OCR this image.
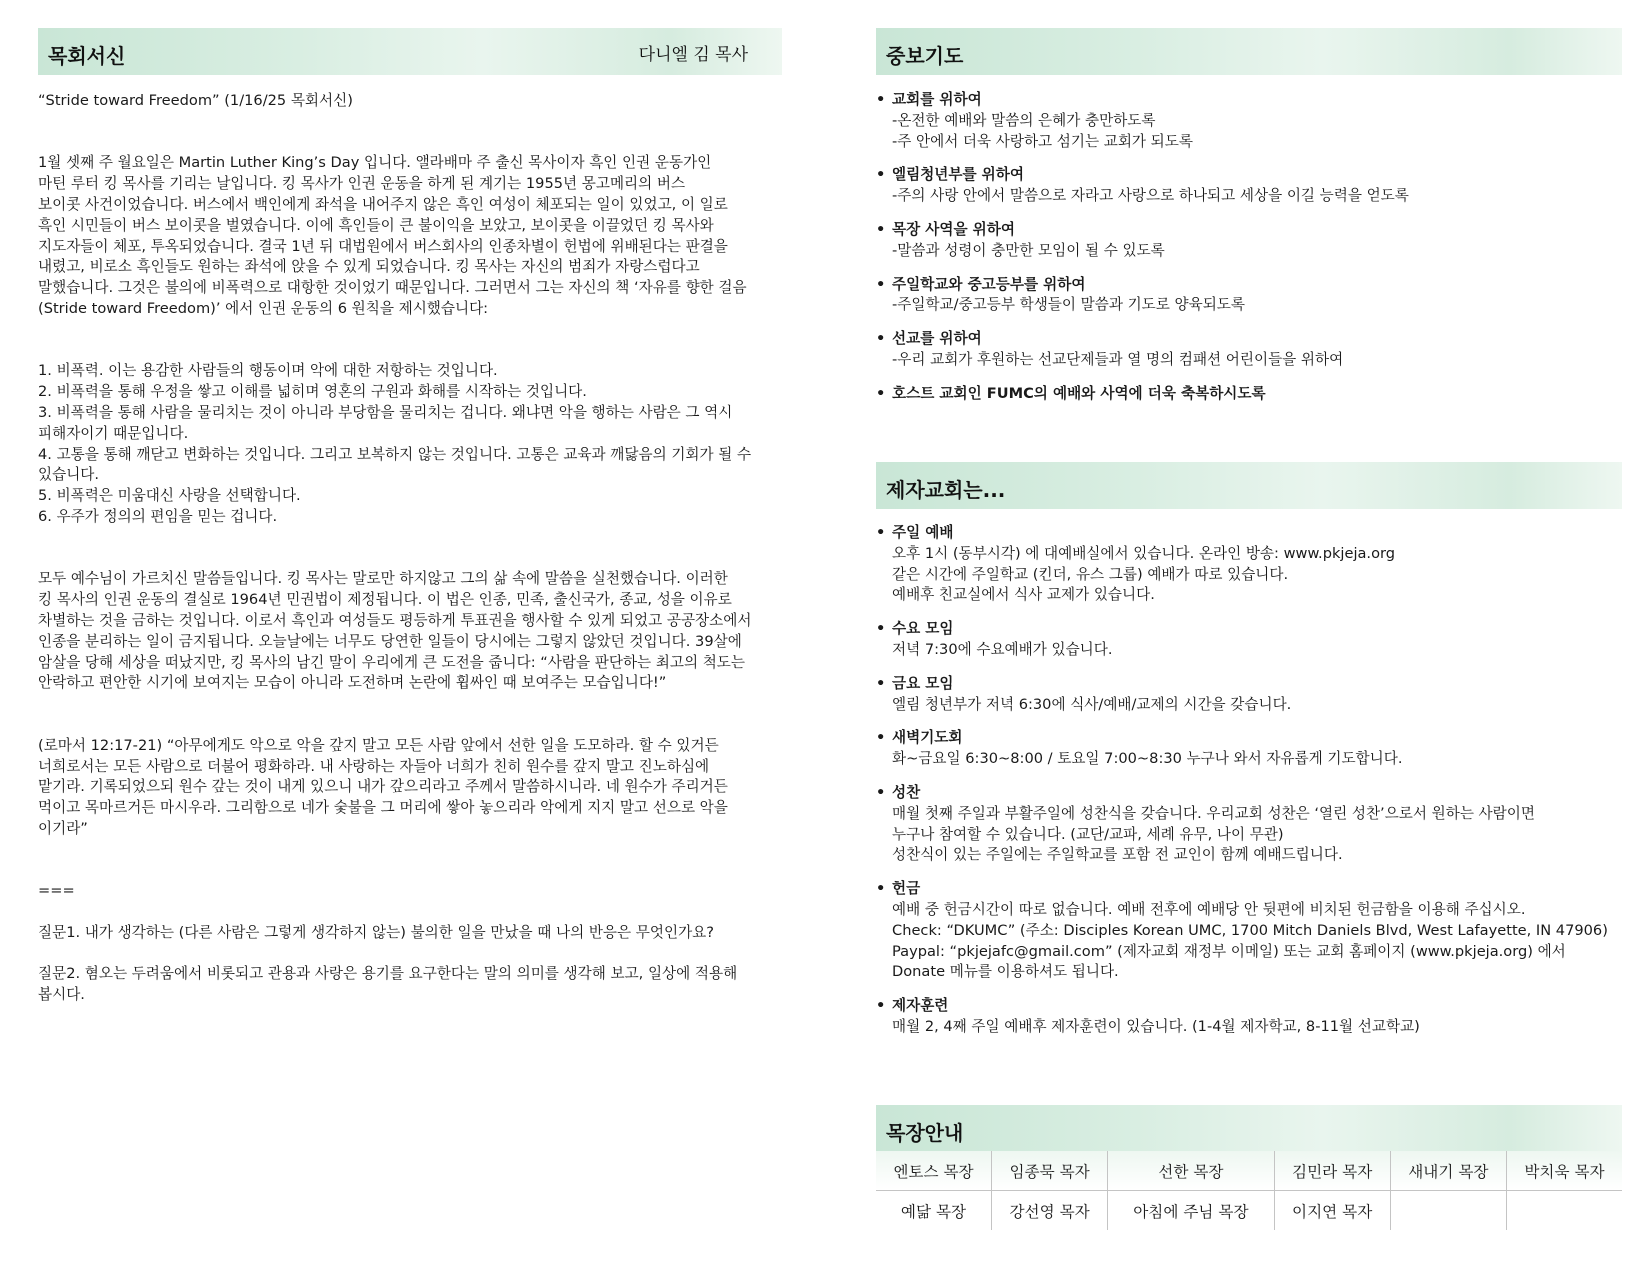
목회서신	다니엘 김 목사

“Stride toward Freedom” (1/16/25 목회서신)

1월 셋째 주 월요일은 Martin Luther King’s Day 입니다. 앨라배마 주 출신 목사이자 흑인 인권 운동가인

마틴 루터 킹 목사를 기리는 날입니다. 킹 목사가 인권 운동을 하게 된 계기는 1955년 몽고메리의 버스

보이콧 사건이었습니다. 버스에서 백인에게 좌석을 내어주지 않은 흑인 여성이 체포되는 일이 있었고, 이 일로

흑인 시민들이 버스 보이콧을 벌였습니다. 이에 흑인들이 큰 불이익을 보았고, 보이콧을 이끌었던 킹 목사와

지도자들이 체포, 투옥되었습니다. 결국 1년 뒤 대법원에서 버스회사의 인종차별이 헌법에 위배된다는 판결을

내렸고, 비로소 흑인들도 원하는 좌석에 앉을 수 있게 되었습니다. 킹 목사는 자신의 범죄가 자랑스럽다고

말했습니다. 그것은 불의에 비폭력으로 대항한 것이었기 때문입니다. 그러면서 그는 자신의 책 ‘자유를 향한 걸음

(Stride toward Freedom)’ 에서 인권 운동의 6 원칙을 제시했습니다:

1. 비폭력. 이는 용감한 사람들의 행동이며 악에 대한 저항하는 것입니다.

2. 비폭력을 통해 우정을 쌓고 이해를 넓히며 영혼의 구원과 화해를 시작하는 것입니다.

3. 비폭력을 통해 사람을 물리치는 것이 아니라 부당함을 물리치는 겁니다. 왜냐면 악을 행하는 사람은 그 역시

피해자이기 때문입니다.

4. 고통을 통해 깨닫고 변화하는 것입니다. 그리고 보복하지 않는 것입니다. 고통은 교육과 깨닳음의 기회가 될 수

있습니다.

5. 비폭력은 미움대신 사랑을 선택합니다.

6. 우주가 정의의 편임을 믿는 겁니다.

모두 예수님이 가르치신 말씀들입니다. 킹 목사는 말로만 하지않고 그의 삶 속에 말씀을 실천했습니다. 이러한

킹 목사의 인권 운동의 결실로 1964년 민권법이 제정됩니다. 이 법은 인종, 민족, 출신국가, 종교, 성을 이유로

차별하는 것을 금하는 것입니다. 이로서 흑인과 여성들도 평등하게 투표권을 행사할 수 있게 되었고 공공장소에서

인종을 분리하는 일이 금지됩니다. 오늘날에는 너무도 당연한 일들이 당시에는 그렇지 않았던 것입니다. 39살에

암살을 당해 세상을 떠났지만, 킹 목사의 남긴 말이 우리에게 큰 도전을 줍니다: “사람을 판단하는 최고의 척도는

안락하고 편안한 시기에 보여지는 모습이 아니라 도전하며 논란에 휩싸인 때 보여주는 모습입니다!”

(로마서 12:17-21) “아무에게도 악으로 악을 갚지 말고 모든 사람 앞에서 선한 일을 도모하라. 할 수 있거든

너희로서는 모든 사람으로 더불어 평화하라. 내 사랑하는 자들아 너희가 친히 원수를 갚지 말고 진노하심에

맡기라. 기록되었으되 원수 갚는 것이 내게 있으니 내가 갚으리라고 주께서 말씀하시니라. 네 원수가 주리거든

먹이고 목마르거든 마시우라. 그리함으로 네가 숯불을 그 머리에 쌓아 놓으리라 악에게 지지 말고 선으로 악을

이기라”

===

질문1. 내가 생각하는 (다른 사람은 그렇게 생각하지 않는) 불의한 일을 만났을 때 나의 반응은 무엇인가요?

질문2. 혐오는 두려움에서 비롯되고 관용과 사랑은 용기를 요구한다는 말의 의미를 생각해 보고, 일상에 적용해

봅시다.

중보기도
• 교회를 위하여
-온전한 예배와 말씀의 은혜가 충만하도록
-주 안에서 더욱 사랑하고 섬기는 교회가 되도록
• 엘림청년부를 위하여
-주의 사랑 안에서 말씀으로 자라고 사랑으로 하나되고 세상을 이길 능력을 얻도록
• 목장 사역을 위하여
-말씀과 성령이 충만한 모임이 될 수 있도록
• 주일학교와 중고등부를 위하여
-주일학교/중고등부 학생들이 말씀과 기도로 양육되도록
• 선교를 위하여
-우리 교회가 후원하는 선교단제들과 열 명의 컴패션 어린이들을 위하여
• 호스트 교회인 FUMC의 예배와 사역에 더욱 축복하시도록
제자교회는...
• 주일 예배
오후 1시 (동부시각) 에 대예배실에서 있습니다. 온라인 방송: www.pkjeja.org
같은 시간에 주일학교 (킨더, 유스 그룹) 예배가 따로 있습니다.
예배후 친교실에서 식사 교제가 있습니다.
• 수요 모임
저녁 7:30에 수요예배가 있습니다.
• 금요 모임
엘림 청년부가 저녁 6:30에 식사/예배/교제의 시간을 갖습니다.
• 새벽기도회
화~금요일 6:30~8:00 / 토요일 7:00~8:30 누구나 와서 자유롭게 기도합니다.
• 성찬
매월 첫째 주일과 부활주일에 성찬식을 갖습니다. 우리교회 성찬은 ‘열린 성찬’으로서 원하는 사람이면
누구나 참여할 수 있습니다. (교단/교파, 세례 유무, 나이 무관)
성찬식이 있는 주일에는 주일학교를 포함 전 교인이 함께 예배드립니다.
• 헌금
예배 중 헌금시간이 따로 없습니다. 예배 전후에 예배당 안 뒷편에 비치된 헌금함을 이용해 주십시오.
Check: “DKUMC” (주소: Disciples Korean UMC, 1700 Mitch Daniels Blvd, West Lafayette, IN 47906)
Paypal: “pkjejafc@gmail.com” (제자교회 재정부 이메일) 또는 교회 홈페이지 (www.pkjeja.org) 에서
Donate 메뉴를 이용하셔도 됩니다.
• 제자훈련
매월 2, 4째 주일 예배후 제자훈련이 있습니다. (1-4월 제자학교, 8-11월 선교학교)
목장안내
엔토스 목장	임종묵 목자	선한 목장	김민라 목자	새내기 목장	박치욱 목자
예닮 목장	강선영 목자	아침에 주님 목장	이지연 목자		
